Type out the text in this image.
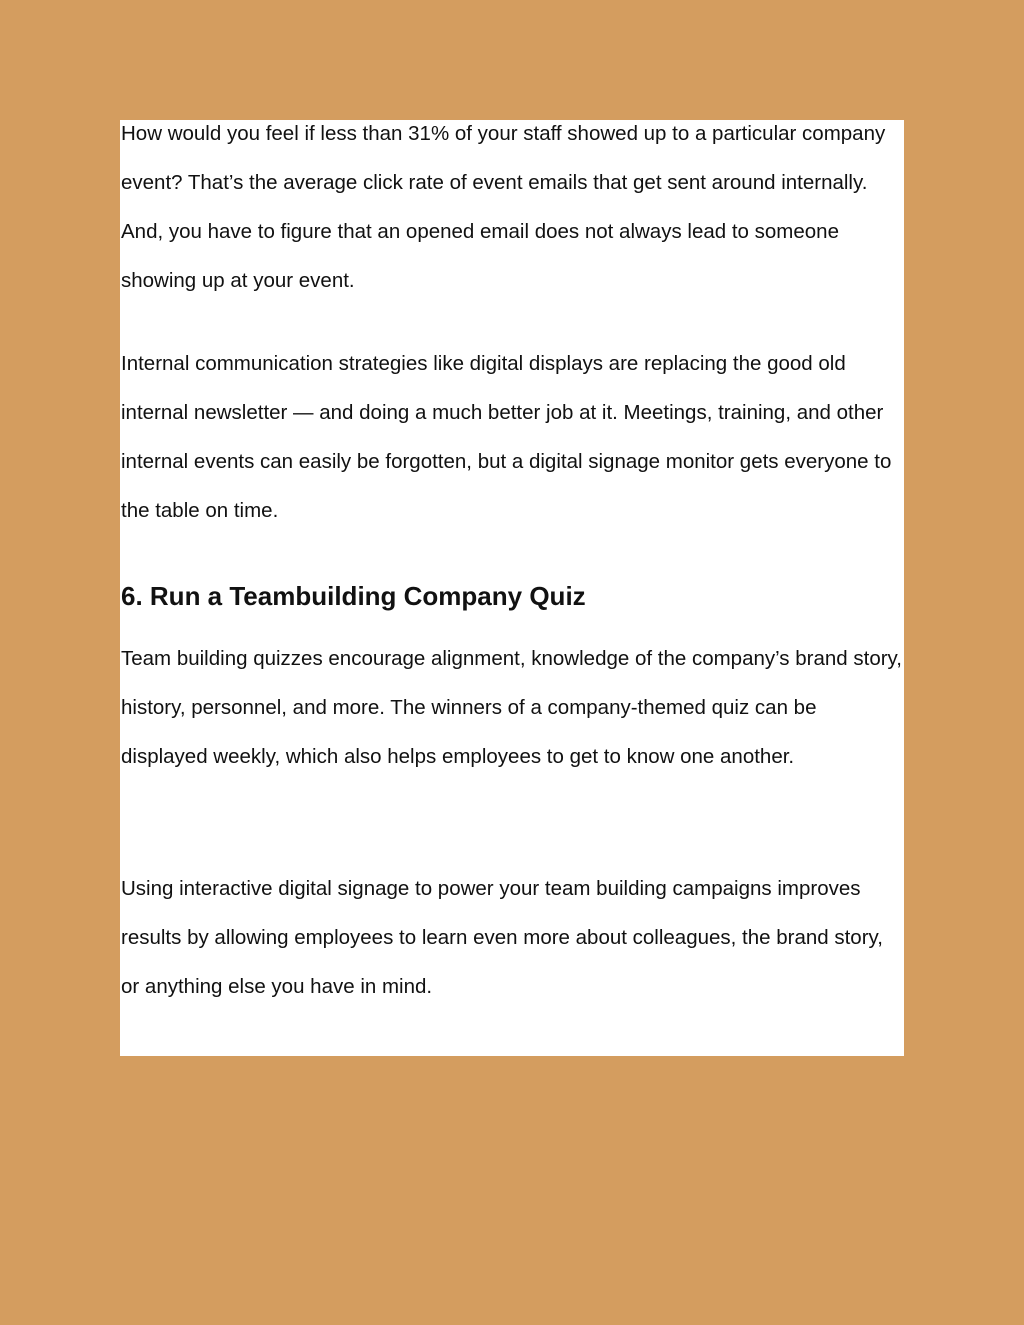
How would you feel if less than 31% of your staff showed up to a particular company event? That’s the average click rate of event emails that get sent around internally. And, you have to figure that an opened email does not always lead to someone showing up at your event.

Internal communication strategies like digital displays are replacing the good old internal newsletter — and doing a much better job at it. Meetings, training, and other internal events can easily be forgotten, but a digital signage monitor gets everyone to the table on time.

6. Run a Teambuilding Company Quiz

Team building quizzes encourage alignment, knowledge of the company’s brand story, history, personnel, and more. The winners of a company-themed quiz can be displayed weekly, which also helps employees to get to know one another.

Using interactive digital signage to power your team building campaigns improves results by allowing employees to learn even more about colleagues, the brand story, or anything else you have in mind.
